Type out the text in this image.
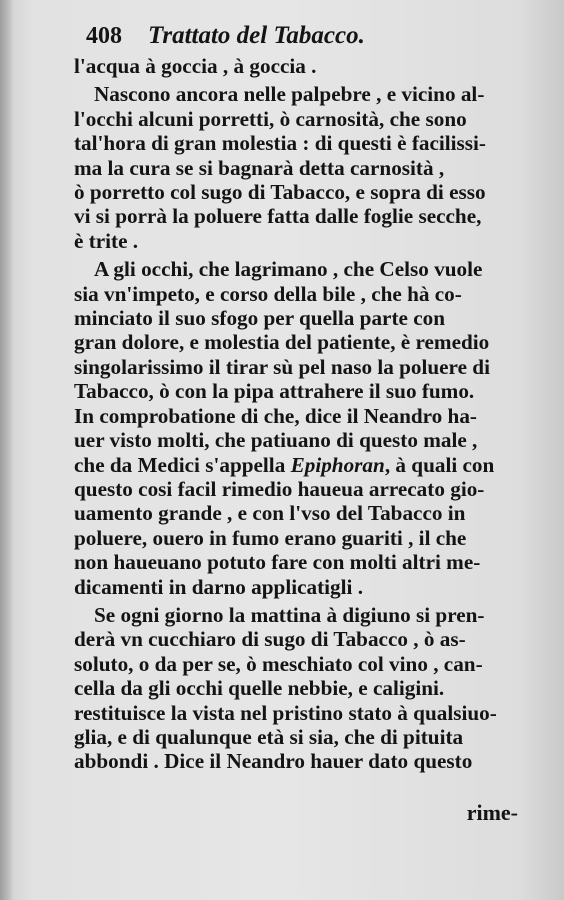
408 Trattato del Tabacco.
l'acqua à goccia , à goccia .
Nascono ancora nelle palpebre , e vicino al-
l'occhi alcuni porretti, ò carnosità, che sono
tal'hora di gran molestia : di questi è facilissi-
ma la cura se si bagnarà detta carnosità ,
ò porretto col sugo di Tabacco, e sopra di esso
vi si porrà la poluere fatta dalle foglie secche,
è trite .
A gli occhi, che lagrimano , che Celso vuole
sia vn'impeto, e corso della bile , che hà co-
minciato il suo sfogo per quella parte con
gran dolore, e molestia del patiente, è remedio
singolarissimo il tirar sù pel naso la poluere di
Tabacco, ò con la pipa attrahere il suo fumo.
In comprobatione di che, dice il Neandro ha-
uer visto molti, che patiuano di questo male ,
che da Medici s'appella Epiphoran, à quali con
questo cosi facil rimedio haueua arrecato gio-
uamento grande , e con l'vso del Tabacco in
poluere, ouero in fumo erano guariti , il che
non haueuano potuto fare con molti altri me-
dicamenti in darno applicatigli .
Se ogni giorno la mattina à digiuno si pren-
derà vn cucchiaro di sugo di Tabacco , ò as-
soluto, o da per se, ò meschiato col vino , can-
cella da gli occhi quelle nebbie, e caligini.
restituisce la vista nel pristino stato à qualsiuo-
glia, e di qualunque età si sia, che di pituita
abbondi . Dice il Neandro hauer dato questo
rime-
